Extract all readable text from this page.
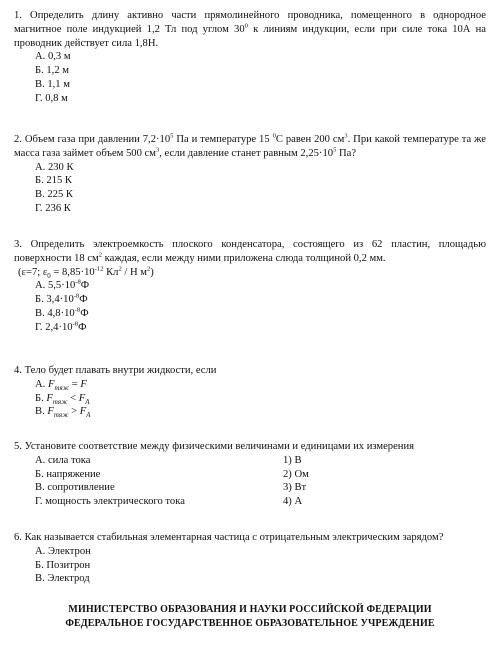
1. Определить длину активно части прямолинейного проводника, помещенного в однородное магнитное поле индукцией 1,2 Тл под углом $30^0$ к линиям индукции, если при силе тока 10А на проводник действует сила 1,8Н.
А. 0,3 м
Б. 1,2 м
В. 1,1 м
Г. 0,8 м
2. Объем газа при давлении $7,2\cdot 10^5$ Па и температуре 15 $^0$С равен 200 $см^3$. При какой температуре та же масса газа займет объем 500 $см^3$, если давление станет равным $2,25\cdot 10^5$ Па?
А. 230 К
Б. 215 К
В. 225 К
Г. 236 К
3. Определить электроемкость плоского конденсатора, состоящего из 62 пластин, площадью поверхности 18 $см^2$ каждая, если между ними приложена слюда толщиной 0,2 мм.
(ε=7; $\varepsilon_0 = 8,85\cdot 10^{-12}$ $Кл^2$ / Н $м^2$)
А. $5,5\cdot 10^{-8}Ф$
Б. $3,4\cdot 10^{-8}Ф$
В. $4,8\cdot 10^{-8}Ф$
Г. $2,4\cdot 10^{-8}Ф$
4. Тело будет плавать внутри жидкости, если
А. $F_{тяж} = F$
Б. $F_{тяж} < F_A$
В. $F_{тяж} > F_A$
5. Установите соответствие между физическими величинами и единицами их измерения
А. сила тока	1) В
Б. напряжение	2) Ом
В. сопротивление	3) Вт
Г. мощность электрического тока	4) А
6. Как называется стабильная элементарная частица с отрицательным электрическим зарядом?
А. Электрон
Б. Позитрон
В. Электрод
МИНИСТЕРСТВО ОБРАЗОВАНИЯ И НАУКИ РОССИЙСКОЙ ФЕДЕРАЦИИ
ФЕДЕРАЛЬНОЕ ГОСУДАРСТВЕННОЕ ОБРАЗОВАТЕЛЬНОЕ УЧРЕЖДЕНИЕ
